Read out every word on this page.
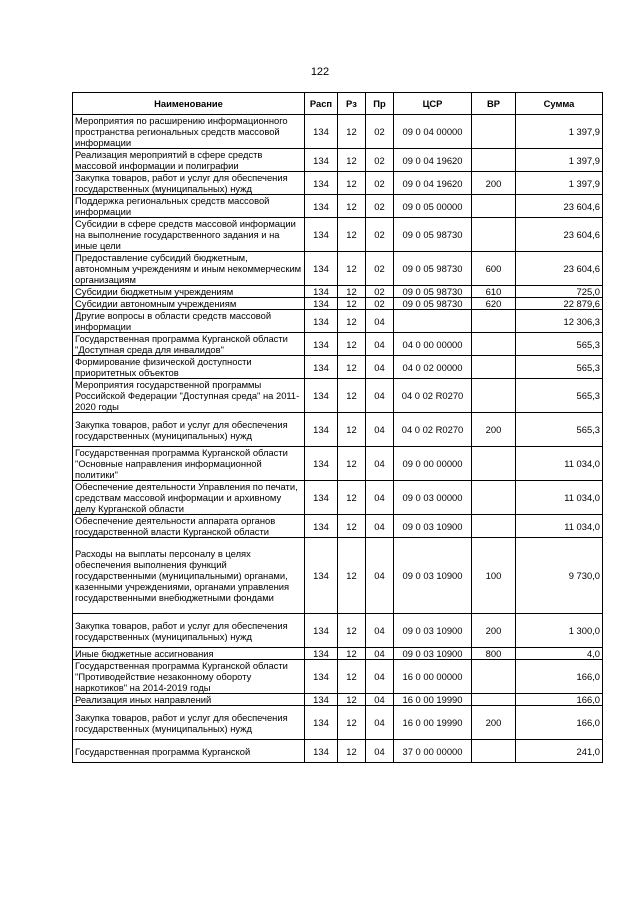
122
Наименование	Расп	Рз	Пр	ЦСР	ВР	Сумма
Мероприятия по расширению информационного пространства региональных средств массовой информации	134	12	02	09 0 04 00000		1 397,9
Реализация мероприятий в сфере средств массовой информации и полиграфии	134	12	02	09 0 04 19620		1 397,9
Закупка товаров, работ и услуг для обеспечения государственных (муниципальных) нужд	134	12	02	09 0 04 19620	200	1 397,9
Поддержка региональных средств массовой информации	134	12	02	09 0 05 00000		23 604,6
Субсидии в сфере средств массовой информации на выполнение государственного задания и на иные цели	134	12	02	09 0 05 98730		23 604,6
Предоставление субсидий бюджетным, автономным учреждениям и иным некоммерческим организациям	134	12	02	09 0 05 98730	600	23 604,6
Субсидии бюджетным учреждениям	134	12	02	09 0 05 98730	610	725,0
Субсидии автономным учреждениям	134	12	02	09 0 05 98730	620	22 879,6
Другие вопросы в области средств массовой информации	134	12	04			12 306,3
Государственная программа Курганской области "Доступная среда для инвалидов"	134	12	04	04 0 00 00000		565,3
Формирование физической доступности приоритетных объектов	134	12	04	04 0 02 00000		565,3
Мероприятия государственной программы Российской Федерации "Доступная среда" на 2011-2020 годы	134	12	04	04 0 02 R0270		565,3
Закупка товаров, работ и услуг для обеспечения государственных (муниципальных) нужд	134	12	04	04 0 02 R0270	200	565,3
Государственная программа Курганской области "Основные направления информационной политики"	134	12	04	09 0 00 00000		11 034,0
Обеспечение деятельности Управления по печати, средствам массовой информации и архивному делу Курганской области	134	12	04	09 0 03 00000		11 034,0
Обеспечение деятельности аппарата органов государственной власти Курганской области	134	12	04	09 0 03 10900		11 034,0
Расходы на выплаты персоналу в целях обеспечения выполнения функций государственными (муниципальными) органами, казенными учреждениями, органами управления государственными внебюджетными фондами	134	12	04	09 0 03 10900	100	9 730,0
Закупка товаров, работ и услуг для обеспечения государственных (муниципальных) нужд	134	12	04	09 0 03 10900	200	1 300,0
Иные бюджетные ассигнования	134	12	04	09 0 03 10900	800	4,0
Государственная программа Курганской области "Противодействие незаконному обороту наркотиков" на 2014-2019 годы	134	12	04	16 0 00 00000		166,0
Реализация иных направлений	134	12	04	16 0 00 19990		166,0
Закупка товаров, работ и услуг для обеспечения государственных (муниципальных) нужд	134	12	04	16 0 00 19990	200	166,0
Государственная программа Курганской	134	12	04	37 0 00 00000		241,0
